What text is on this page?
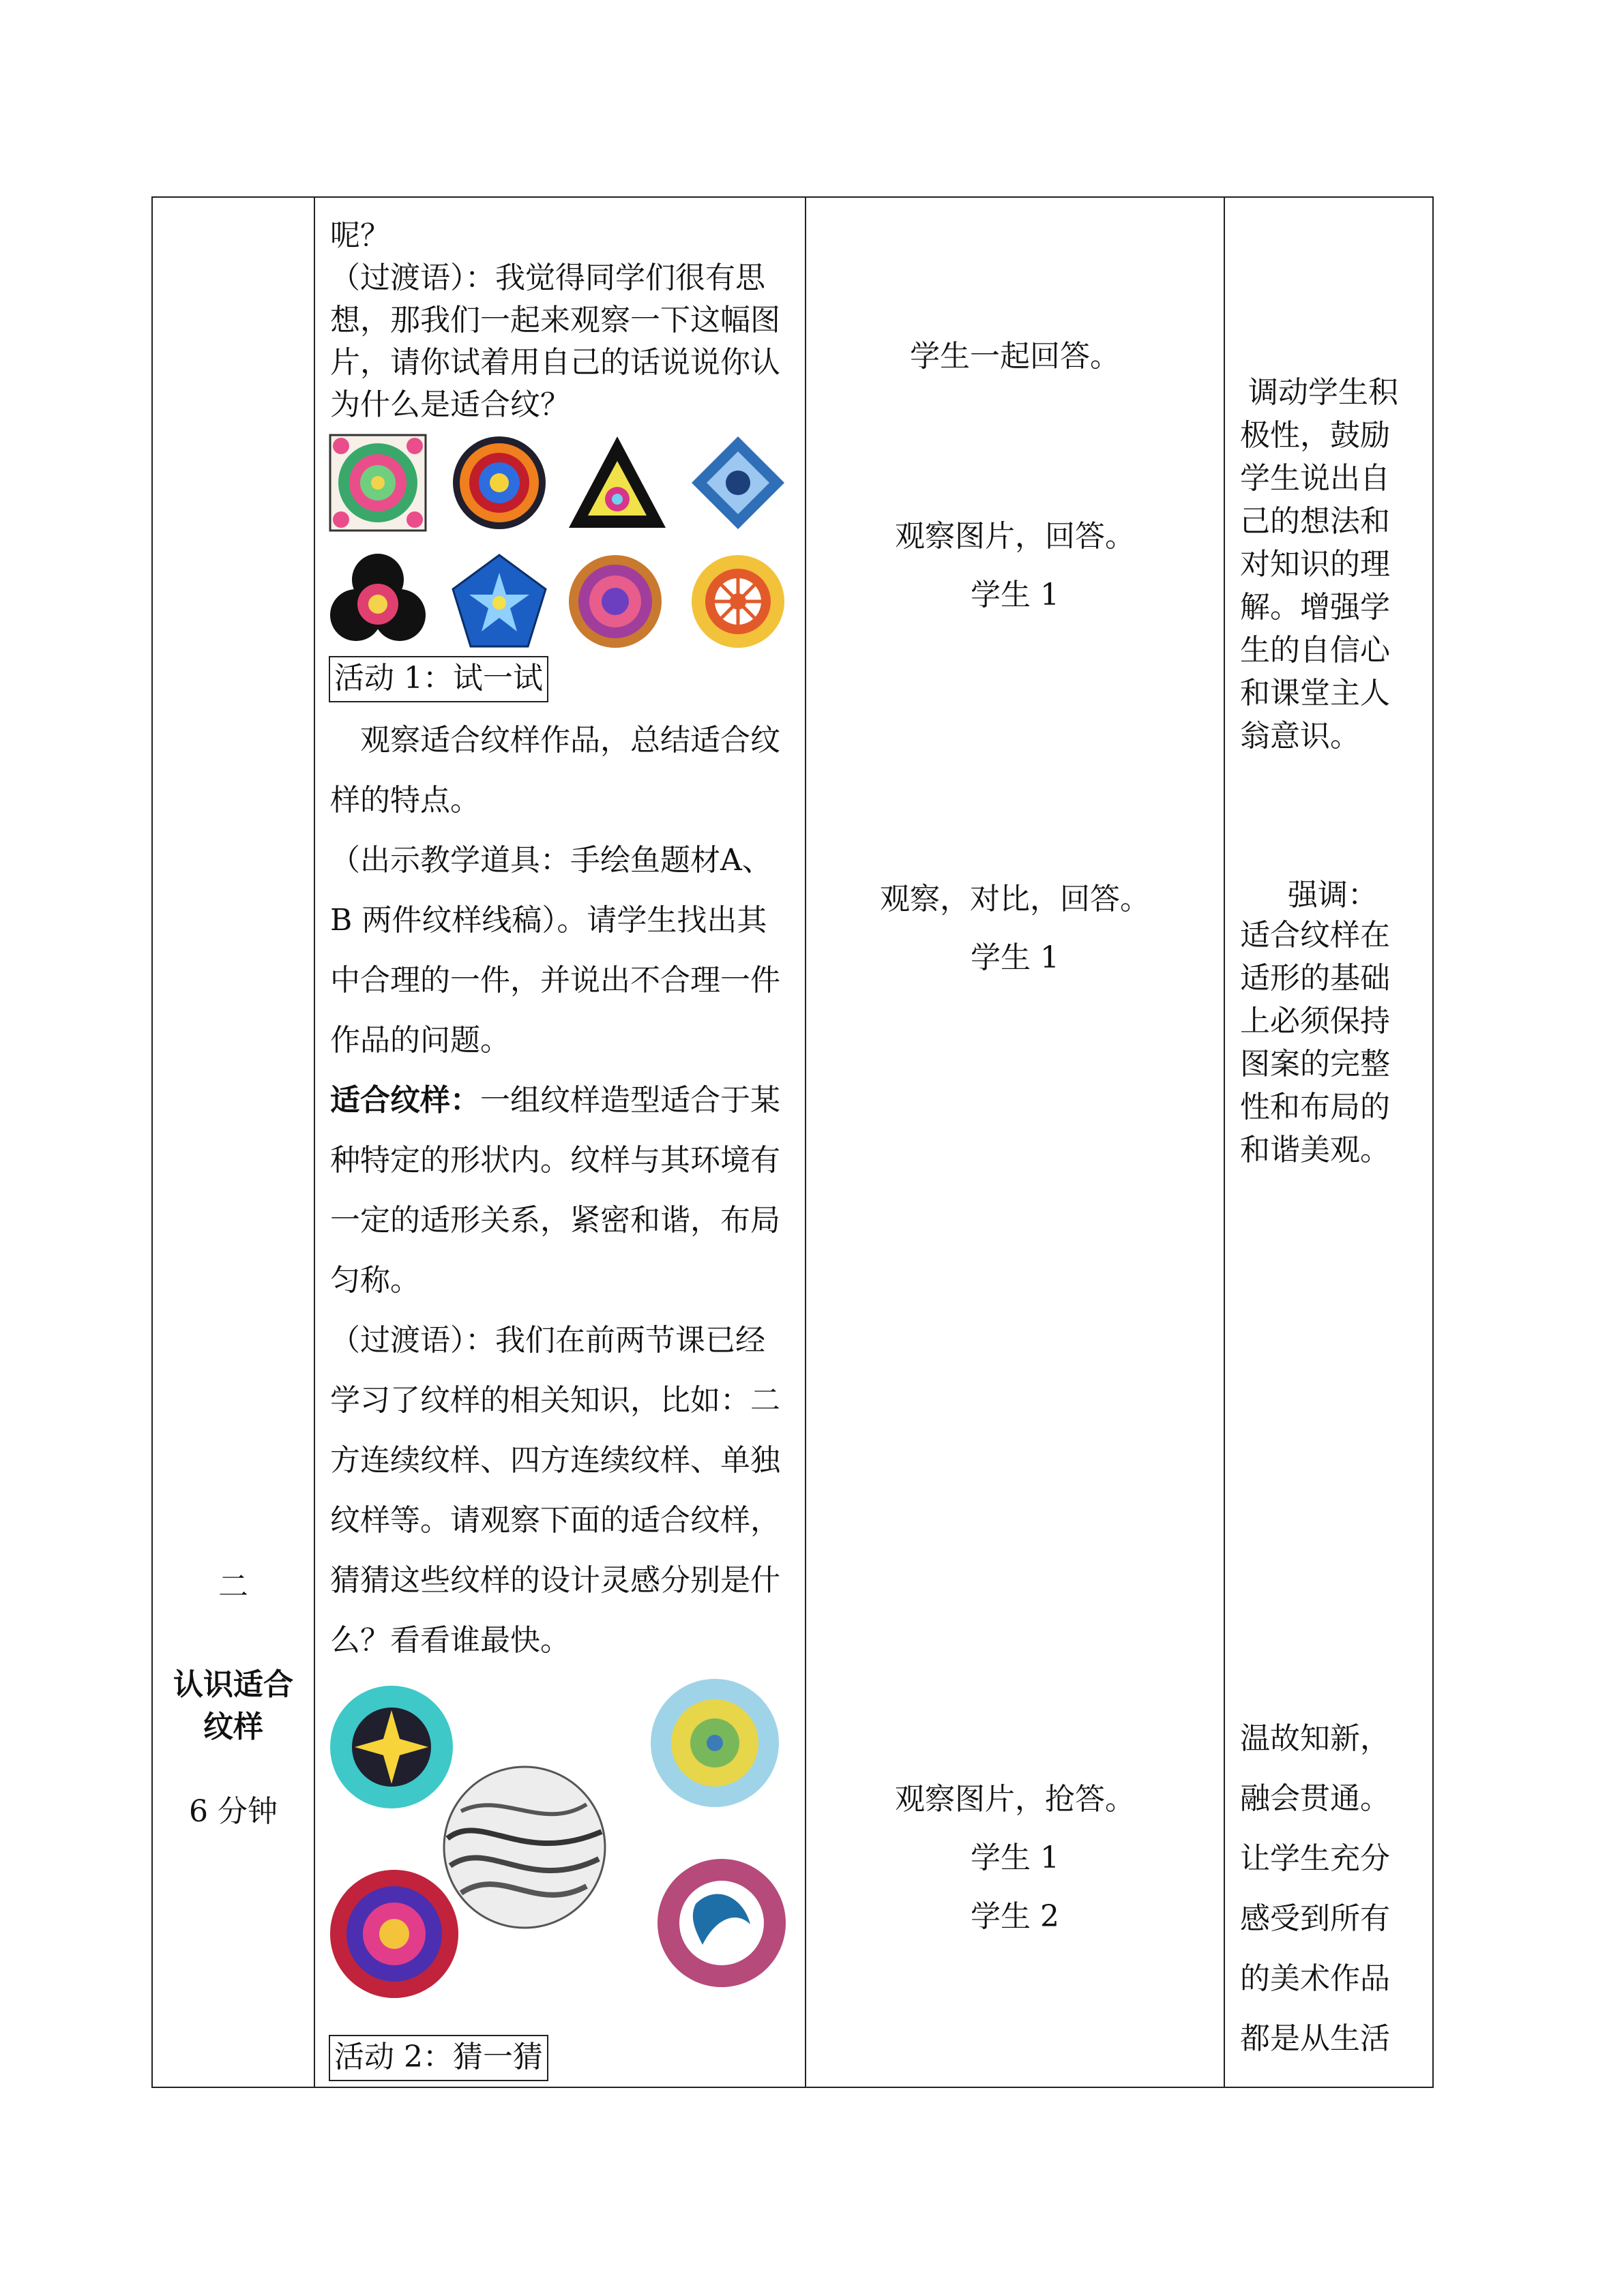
二
认识适合纹样
6 分钟
呢？
（过渡语）：我觉得同学们很有思想，那我们一起来观察一下这幅图片，请你试着用自己的话说说你认为什么是适合纹？
活动 1：试一试
观察适合纹样作品，总结适合纹样的特点。
（出示教学道具：手绘鱼题材A、B 两件纹样线稿）。请学生找出其中合理的一件，并说出不合理一件作品的问题。
适合纹样：一组纹样造型适合于某种特定的形状内。纹样与其环境有一定的适形关系，紧密和谐，布局匀称。
（过渡语）：我们在前两节课已经学习了纹样的相关知识，比如：二方连续纹样、四方连续纹样、单独纹样等。请观察下面的适合纹样，猜猜这些纹样的设计灵感分别是什么？看看谁最快。
活动 2：猜一猜
学生一起回答。
观察图片，回答。
学生 1
观察，对比，回答。
学生 1
观察图片，抢答。
学生 1
学生 2
调动学生积极性，鼓励学生说出自己的想法和对知识的理解。增强学生的自信心和课堂主人翁意识。
强调：
适合纹样在适形的基础上必须保持图案的完整性和布局的和谐美观。
温故知新，融会贯通。让学生充分感受到所有的美术作品都是从生活
